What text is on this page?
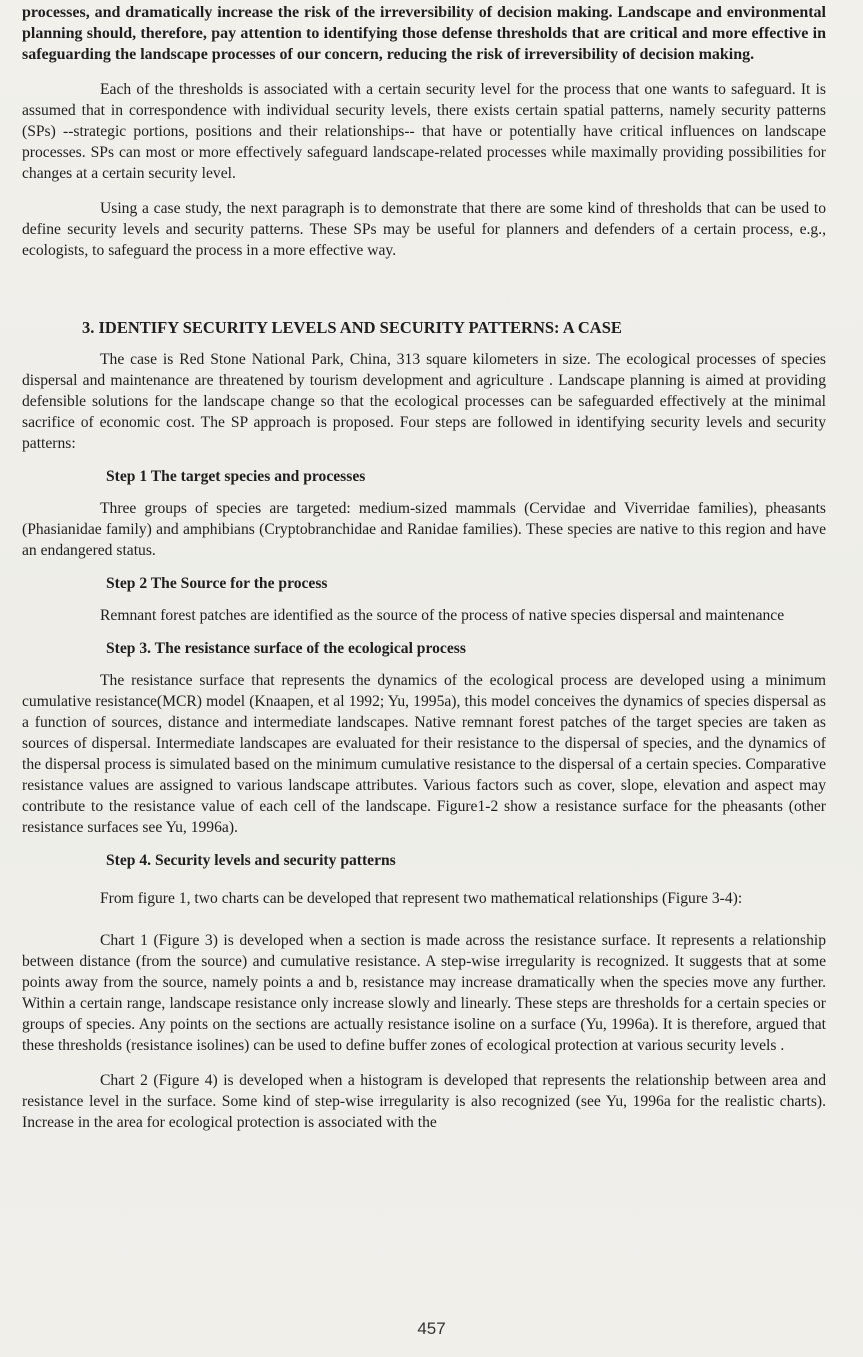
processes, and dramatically increase the risk of the irreversibility of decision making. Landscape and environmental planning should, therefore, pay attention to identifying those defense thresholds that are critical and more effective in safeguarding the landscape processes of our concern, reducing the risk of irreversibility of decision making.

Each of the thresholds is associated with a certain security level for the process that one wants to safeguard. It is assumed that in correspondence with individual security levels, there exists certain spatial patterns, namely security patterns (SPs) --strategic portions, positions and their relationships-- that have or potentially have critical influences on landscape processes. SPs can most or more effectively safeguard landscape-related processes while maximally providing possibilities for changes at a certain security level.

Using a case study, the next paragraph is to demonstrate that there are some kind of thresholds that can be used to define security levels and security patterns. These SPs may be useful for planners and defenders of a certain process, e.g., ecologists, to safeguard the process in a more effective way.

3. IDENTIFY SECURITY LEVELS AND SECURITY PATTERNS: A CASE

The case is Red Stone National Park, China, 313 square kilometers in size. The ecological processes of species dispersal and maintenance are threatened by tourism development and agriculture . Landscape planning is aimed at providing defensible solutions for the landscape change so that the ecological processes can be safeguarded effectively at the minimal sacrifice of economic cost. The SP approach is proposed. Four steps are followed in identifying security levels and security patterns:

Step 1 The target species and processes

Three groups of species are targeted: medium-sized mammals (Cervidae and Viverridae families), pheasants (Phasianidae family) and amphibians (Cryptobranchidae and Ranidae families). These species are native to this region and have an endangered status.

Step 2 The Source for the process

Remnant forest patches are identified as the source of the process of native species dispersal and maintenance

Step 3. The resistance surface of the ecological process

The resistance surface that represents the dynamics of the ecological process are developed using a minimum cumulative resistance(MCR) model (Knaapen, et al 1992; Yu, 1995a), this model conceives the dynamics of species dispersal as a function of sources, distance and intermediate landscapes. Native remnant forest patches of the target species are taken as sources of dispersal. Intermediate landscapes are evaluated for their resistance to the dispersal of species, and the dynamics of the dispersal process is simulated based on the minimum cumulative resistance to the dispersal of a certain species. Comparative resistance values are assigned to various landscape attributes. Various factors such as cover, slope, elevation and aspect may contribute to the resistance value of each cell of the landscape. Figure1-2 show a resistance surface for the pheasants (other resistance surfaces see Yu, 1996a).

Step 4. Security levels and security patterns

From figure 1, two charts can be developed that represent two mathematical relationships (Figure 3-4):

Chart 1 (Figure 3) is developed when a section is made across the resistance surface. It represents a relationship between distance (from the source) and cumulative resistance. A step-wise irregularity is recognized. It suggests that at some points away from the source, namely points a and b, resistance may increase dramatically when the species move any further. Within a certain range, landscape resistance only increase slowly and linearly. These steps are thresholds for a certain species or groups of species. Any points on the sections are actually resistance isoline on a surface (Yu, 1996a). It is therefore, argued that these thresholds (resistance isolines) can be used to define buffer zones of ecological protection at various security levels .

Chart 2 (Figure 4) is developed when a histogram is developed that represents the relationship between area and resistance level in the surface. Some kind of step-wise irregularity is also recognized (see Yu, 1996a for the realistic charts). Increase in the area for ecological protection is associated with the

457
